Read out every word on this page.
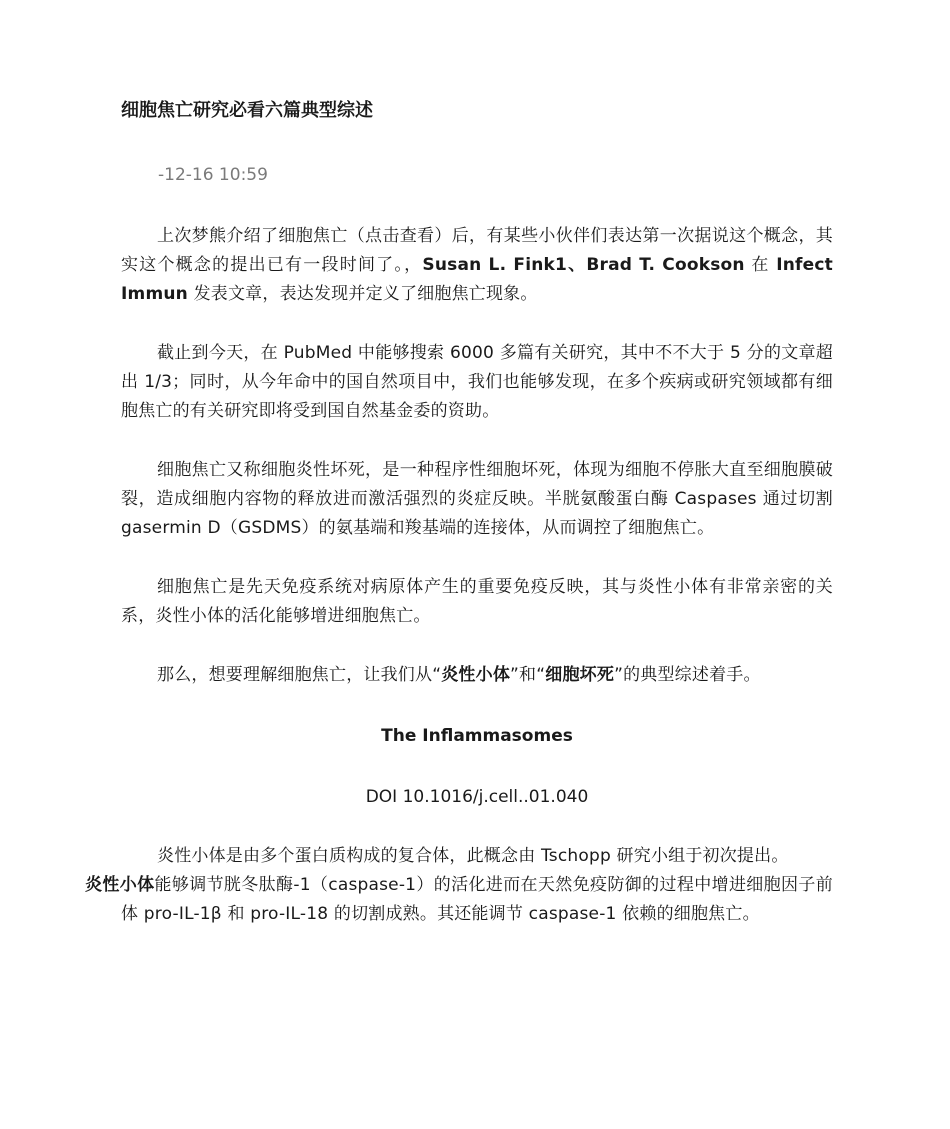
细胞焦亡研究必看六篇典型综述
-12-16 10:59

上次梦熊介绍了细胞焦亡（点击查看）后，有某些小伙伴们表达第一次据说这个概念，其实这个概念的提出已有一段时间了。，Susan L. Fink1、Brad T. Cookson 在 Infect Immun 发表文章，表达发现并定义了细胞焦亡现象。

截止到今天，在 PubMed 中能够搜索 6000 多篇有关研究，其中不不大于 5 分的文章超出 1/3；同时，从今年命中的国自然项目中，我们也能够发现，在多个疾病或研究领域都有细胞焦亡的有关研究即将受到国自然基金委的资助。

细胞焦亡又称细胞炎性坏死，是一种程序性细胞坏死，体现为细胞不停胀大直至细胞膜破裂，造成细胞内容物的释放进而激活强烈的炎症反映。半胱氨酸蛋白酶 Caspases 通过切割 gasermin D（GSDMS）的氨基端和羧基端的连接体，从而调控了细胞焦亡。

细胞焦亡是先天免疫系统对病原体产生的重要免疫反映，其与炎性小体有非常亲密的关系，炎性小体的活化能够增进细胞焦亡。

那么，想要理解细胞焦亡，让我们从“炎性小体”和“细胞坏死”的典型综述着手。

The Inflammasomes
DOI 10.1016/j.cell..01.040

炎性小体是由多个蛋白质构成的复合体，此概念由 Tschopp 研究小组于初次提出。
炎性小体能够调节胱冬肽酶-1（caspase-1）的活化进而在天然免疫防御的过程中增进细胞因子前体 pro-IL-1β 和 pro-IL-18 的切割成熟。其还能调节 caspase-1 依赖的细胞焦亡。
